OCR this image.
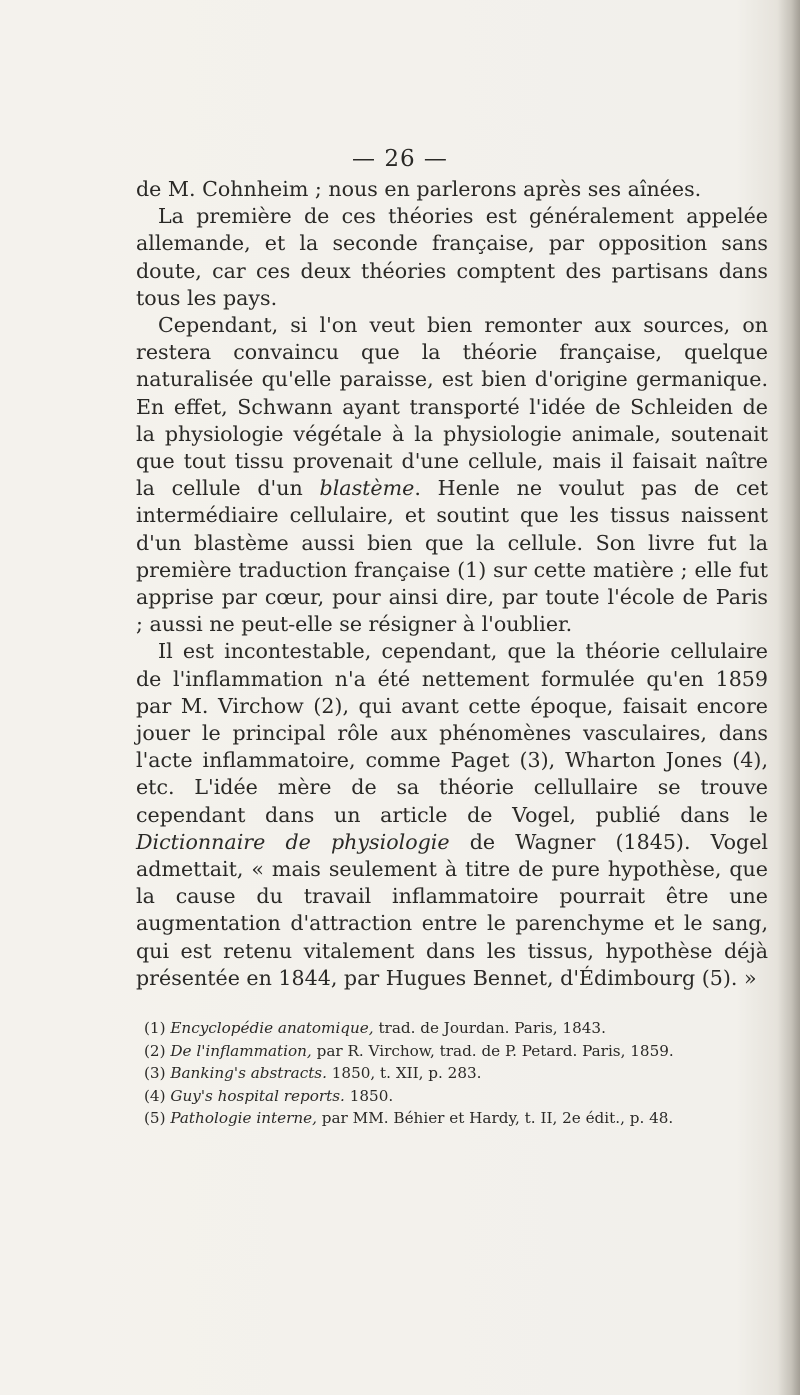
— 26 —

de M. Cohnheim ; nous en parlerons après ses aînées.

La première de ces théories est généralement appelée allemande, et la seconde française, par opposition sans doute, car ces deux théories comptent des partisans dans tous les pays.

Cependant, si l'on veut bien remonter aux sources, on restera convaincu que la théorie française, quelque naturalisée qu'elle paraisse, est bien d'origine germanique. En effet, Schwann ayant transporté l'idée de Schleiden de la physiologie végétale à la physiologie animale, soutenait que tout tissu provenait d'une cellule, mais il faisait naître la cellule d'un blastème. Henle ne voulut pas de cet intermédiaire cellulaire, et soutint que les tissus naissent d'un blastème aussi bien que la cellule. Son livre fut la première traduction française (1) sur cette matière ; elle fut apprise par cœur, pour ainsi dire, par toute l'école de Paris ; aussi ne peut-elle se résigner à l'oublier.

Il est incontestable, cependant, que la théorie cellulaire de l'inflammation n'a été nettement formulée qu'en 1859 par M. Virchow (2), qui avant cette époque, faisait encore jouer le principal rôle aux phénomènes vasculaires, dans l'acte inflammatoire, comme Paget (3), Wharton Jones (4), etc. L'idée mère de sa théorie cellullaire se trouve cependant dans un article de Vogel, publié dans le Dictionnaire de physiologie de Wagner (1845). Vogel admettait, « mais seulement à titre de pure hypothèse, que la cause du travail inflammatoire pourrait être une augmentation d'attraction entre le parenchyme et le sang, qui est retenu vitalement dans les tissus, hypothèse déjà présentée en 1844, par Hugues Bennet, d'Édimbourg (5). »

(1) Encyclopédie anatomique, trad. de Jourdan. Paris, 1843.
(2) De l'inflammation, par R. Virchow, trad. de P. Petard. Paris, 1859.
(3) Banking's abstracts. 1850, t. XII, p. 283.
(4) Guy's hospital reports. 1850.
(5) Pathologie interne, par MM. Béhier et Hardy, t. II, 2e édit., p. 48.
